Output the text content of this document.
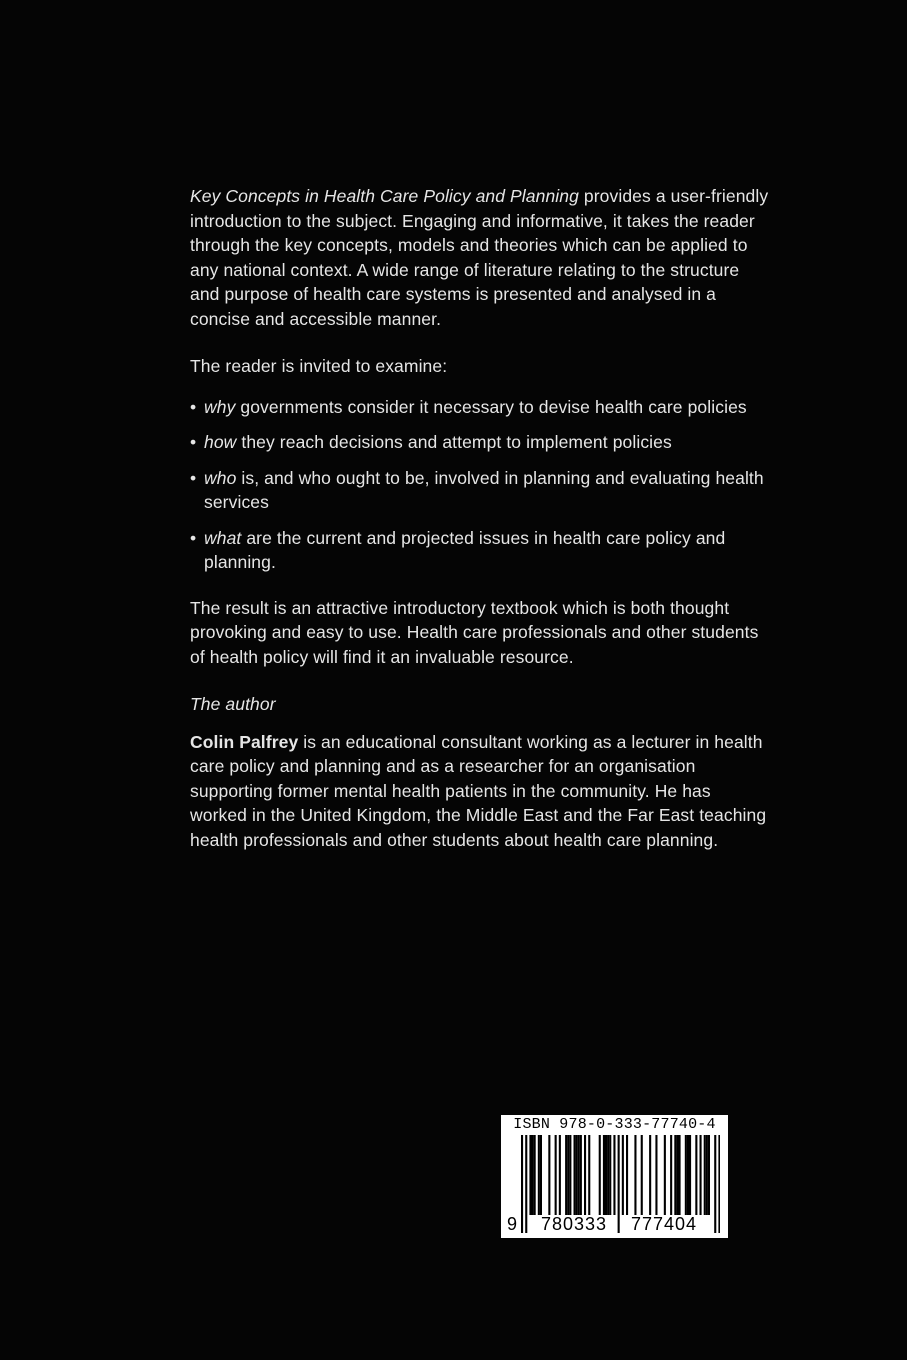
Key Concepts in Health Care Policy and Planning provides a user-friendly introduction to the subject. Engaging and informative, it takes the reader through the key concepts, models and theories which can be applied to any national context. A wide range of literature relating to the structure and purpose of health care systems is presented and analysed in a concise and accessible manner.

The reader is invited to examine:

• why governments consider it necessary to devise health care policies
• how they reach decisions and attempt to implement policies
• who is, and who ought to be, involved in planning and evaluating health services
• what are the current and projected issues in health care policy and planning.

The result is an attractive introductory textbook which is both thought provoking and easy to use. Health care professionals and other students of health policy will find it an invaluable resource.

The author

Colin Palfrey is an educational consultant working as a lecturer in health care policy and planning and as a researcher for an organisation supporting former mental health patients in the community. He has worked in the United Kingdom, the Middle East and the Far East teaching health professionals and other students about health care planning.

ISBN 978-0-333-77740-4
9	780333	777404
